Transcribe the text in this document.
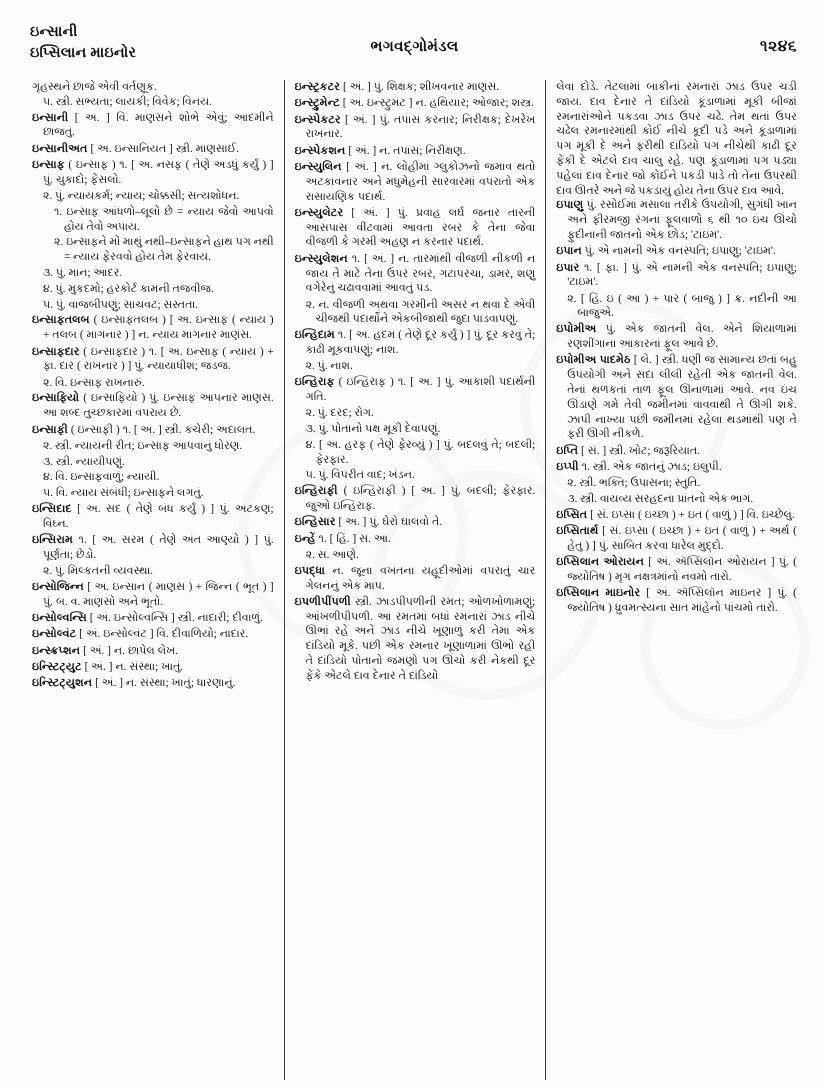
ઇન્સાની
ઇપ્સિલાન માઇનોર	ભગવદ્ગોમંડલ	૧૨૪૬
ગૃહસ્થને છાજે એવી વર્તણૂક.
૫. સ્ત્રી. સભ્યતા; લાયકી; વિવેક; વિનય.
ઇન્સાની [ અ. ] વિ. માણસને શોભે એવું; આદમીને છાજતું.
ઇન્સાનીઅત [ અ. ઇન્સાનિયત ] સ્ત્રી. માણસાઈ.
ઇન્સાફ ( ઇન્સાફ ) ૧. [ અ. નસફ ( તેણે અડધું કર્યું ) ] પું. ચુકાદો; ફેંસલો.
૨. પું. ન્યાયકર્મ; ન્યાય; ચોક્કસી; સત્યશોધન.
૧. ઇન્સાફ આંધળો–લૂલો છે = ન્યાય જેવો આપવો હોય તેવો અપાય.
૨. ઇન્સાફને મોં માથું નથી–ઇન્સાફને હાથ પગ નથી = ન્યાય ફેરવવો હોય તેમ ફેરવાય.
૩. પું. માન; આદર.
૪. પું. મુકદમો; હરકોર્ટ કામની તજવીજ.
૫. પું. વાજબીપણું; સાચવટ; સસ્તતા.
ઇન્સાફતલબ ( ઇન્સાફતલબ ) [ અ. ઇન્સાફ ( ન્યાય ) + તલબ ( માગનાર ) ] ન. ન્યાય માગનાર માણસ.
ઇન્સાફદાર ( ઇન્સાફદાર ) ૧. [ અ. ઇન્સાફ ( ન્યાય ) + ફા. દાર ( રાખનાર ) ] પું. ન્યાયાધીશ; જડજ.
૨. વિ. ઇન્સાફ રાખનારું.
ઇન્સાફિયો ( ઇન્સાફિયો ) પું. ઇન્સાફ આપનાર માણસ. આ શબ્દ તુચ્છકારમાં વપરાય છે.
ઇન્સાફી ( ઇન્સાફી ) ૧. [ અ. ] સ્ત્રી. કચેરી; અદાલત.
૨. સ્ત્રી. ન્યાયની રીત; ઇન્સાફ આપવાનું ધોરણ.
૩. સ્ત્રી. ન્યાયીપણું.
૪. વિ. ઇન્સાફવાળું; ન્યાયી.
૫. વિ. ન્યાય સંબંધી; ઇન્સાફને લગતું.
ઇન્સિદાદ [ અ. સદ ( તેણે બંધ કર્યું ) ] પું. અટકણ; વિઘ્ન.
ઇન્સિરામ ૧. [ અ. સરમ ( તેણે અંત આણ્યો ) ] પું. પૂર્ણતા; છેડો.
૨. પું. મિલ્કતની વ્યવસ્થા.
ઇન્સોજિન્ન [ અ. ઇન્સાન ( માણસ ) + જિન્ન ( ભૂત ) ] પું. બ. વ. માણસો અને ભૂતો.
ઇન્સોલ્વન્સિ [ અં. ઇન્સોલ્વન્સિ ] સ્ત્રી. નાદારી; દીવાળું.
ઇન્સોલ્વંટ [ અં. ઇન્સોલ્વંટ ] વિ. દીવાળિયો; નાદાર.
ઇન્સ્ક્રપ્શન [ અં. ] ન. છાપેલ લેખ.
ઇન્સ્ટિટ્યુટ [ અં. ] ન. સંસ્થા; ખાતું.
ઇન્સ્ટિટ્યુશન [ અં. ] ન. સંસ્થા; ખાતું; ધારણાનું.
ઇન્સ્ટ્રકટર [ અં. ] પું. શિક્ષક; શીખવનાર માણસ.
ઇન્સ્ટ્રુમેન્ટ [ અં. ઇન્સ્ટ્રુમંટ ] ન. હથિયાર; ઓજાર; શસ્ત્ર.
ઇન્સ્પેકટર [ અં. ] પું. તપાસ કરનાર; નિરીક્ષક; દેખરેખ રાખનાર.
ઇન્સ્પેકશન [ અં. ] ન. તપાસ; નિરીક્ષણ.
ઇન્સ્યુલિન [ અં. ] ન. લોહીમાં ગ્લુકોઝનો જમાવ થતો અટકાવનાર અને મધુમેહની સારવારમાં વપરાતો એક રાસાયણિક પદાર્થ.
ઇન્સ્યુલેટર [ અં. ] પું. પ્રવાહ લર્ઘ જનાર તારની આસપાસ વીંટવામાં આવતા રબર કે તેના જેવા વીજળી કે ગરમી અહણ ન કરનાર પદાર્થ.
ઇન્સ્યુલેશન ૧. [ અં. ] ન. તારમાંથી વીજળી નીકળી ન જાય તે માટે તેના ઉપર રબર, ગટાપરચા, ડામર, શણુ વગેરેનું ચઢાવવામાં આવતું પડ.
૨. ન. વીજળી અથવા ગરમીની અસર ન થવા દે એવી ચીજથી પદાર્થોને એકબીજાથી જુદા પાડવાપણું.
ઇન્હિદામ ૧. [ અ. હદમ ( તેણે દૂર કર્યું ) ] પું. દૂર કરવું તે; કાઢી મૂકવાપણું; નાશ.
૨. પું. નાશ.
ઇન્હિરાફ ( ઇન્હિરાફ ) ૧. [ અ. ] પું. આકાશી પદાર્થની ગતિ.
૨. પું. દરદ; રોગ.
૩. પું. પોતાનો પક્ષ મૂકી દેવાપણું.
૪. [ અ. હરફ ( તેણે ફેરવ્યું ) ] પું. બદલવું તે; બદલી; ફેરફાર.
૫. પું. વિપરીત વાદ; ખંડન.
ઇન્હિરાફી ( ઇન્હિરાફી ) [ અ. ] પું. બદલી; ફેરફાર. જુઓ ઇન્હિરાફ.
ઇન્હિસાર [ અ. ] પું. ઘેરો ઘાલવો તે.
ઇન્હેં ૧. [ હિં. ] સ. આ.
૨. સ. આણે.
ઇપદ્ધા ન. જૂના વખતના યહૂદીઓમાં વપરાતું ચાર ગેલનનું એક માપ.
ઇપળીપીંપળી સ્ત્રી. ઝાડપીપળીની રમત; ઓળખોળામણું; આંખળીપીપળી. આ રમતમાં બધાં રમનારાં ઝાડ નીચે ઊભાં રહે અને ઝાડ નીચે ખૂણાળું કરી તેમાં એક દાંડિયો મૂકે. પછી એક રમનાર ખૂણાળામાં ઊભો રહી તે દાંડિયો પોતાનો જમણો પગ ઊંચો કરી નેકથી દૂર ફેંકે એટલે દાવ દેનાર તે દાંડિયો
લેવા દોડે. તેટલામાં બાકીનાં રમનારાં ઝાડ ઉપર ચડી જાય. દાવ દેનાર તે દાંડિયો કૂંડાળામાં મૂકી બીજાં રમનારાંઓને પકડવા ઝાડ ઉપર ચઢે. તેમ થતાં ઉપર ચઢેલ રમનારમાંથી કોઈ નીચે કૂદી પડે અને કૂંડાળામાં પગ મૂકી દે અને ફરીથી દાંડિયો પગ નીચેથી કાઢી દૂર ફેંકી દે એટલે દાવ ચાલુ રહે. પણ કૂંડાળામાં પગ પડ્યા પહેલાં દાવ દેનાર જો કોઈને પકડી પાડે તો તેના ઉપરથી દાવ ઊતરે અને જે પકડાયું હોય તેના ઉપર દાવ આવે.
ઇપાણુ પું. રસોઈમાં મસાલા તરીકે ઉપયોગી, સુગંધી ખાન અને ફીરમજી રંગનાં ફૂલવાળો ૬ થી ૧૦ ઇંચ ઊંચો ફુદીનાની જાતનો એક છોડ; 'ટાઇમ'.
ઇપાન પું. એ નામની એક વનસ્પતિ; ઇપાણુ; 'ટાઇમ'.
ઇપાર ૧. [ ફા. ] પું. એ નામની એક વનસ્પતિ; ઇપાણુ; 'ટાઇમ'.
૨. [ હિં. ઇ ( આ ) + પાર ( બાજુ ) ] ક્ર. નદીની આ બાજુએ.
ઇપોમીઅ પું. એક જાતની વેલ. એને શિયાળામાં રણશીંગાના આકારનાં ફૂલ આવે છે.
ઇપોમીઅ પાદમેઠ [ લે. ] સ્ત્રી. ધણી જ સામાન્ય છતાં બહુ ઉપયોગી અને સદા લીલી રહેતી એક જાતની વેલ. તેનાં થળકતાં તાળ ફૂલ ઊનાળામાં આવે. નવ ઇંચ ઊંડાણે ગમે તેવી જમીનમાં વાવવાથી તે ઊગી શકે. ઝાપી નાખ્યા પછી જમીનમાં રહેલા થડમાંથી પણ તે ફરી ઊગી નીકળે.
ઇપ્તિ [ સં. ] સ્ત્રી. ખોટ; જરૂરિયાત.
ઇપ્પી ૧. સ્ત્રી. એક જાતનું ઝાડ; ઇલુપી.
૨. સ્ત્રી. ભક્તિ; ઉપાસના; સ્તુતિ.
૩. સ્ત્રી. વાયવ્ય સરહદના પ્રાંતનો એક ભાગ.
ઇપ્સિત [ સં. ઇપ્સા ( ઇચ્છા ) + ઇત ( વાળું ) ] વિ. ઇચ્છેલું.
ઇપ્સિતાર્થ [ સં. ઇપ્સા ( ઇચ્છા ) + ઇત ( વાળું ) + અર્થ ( હેતુ ) ] પું. સાબિત કરવા ધારેલ મુદ્દો.
ઇપ્સિલાન ઓરાયન [ અં. ઍપ્સિલૉન ઓરાયન ] પું. ( જ્યોતિષ ) મૃગ નક્ષત્રમાંનો નવમો તારો.
ઇપ્સિલાન માઇનોર [ અં. ઍપ્સિલૉન માઇનર ] પું. ( જ્યોતિષ ) ધ્રુવમત્સ્યના સાત માંહેનો પાંચમો તારો.
